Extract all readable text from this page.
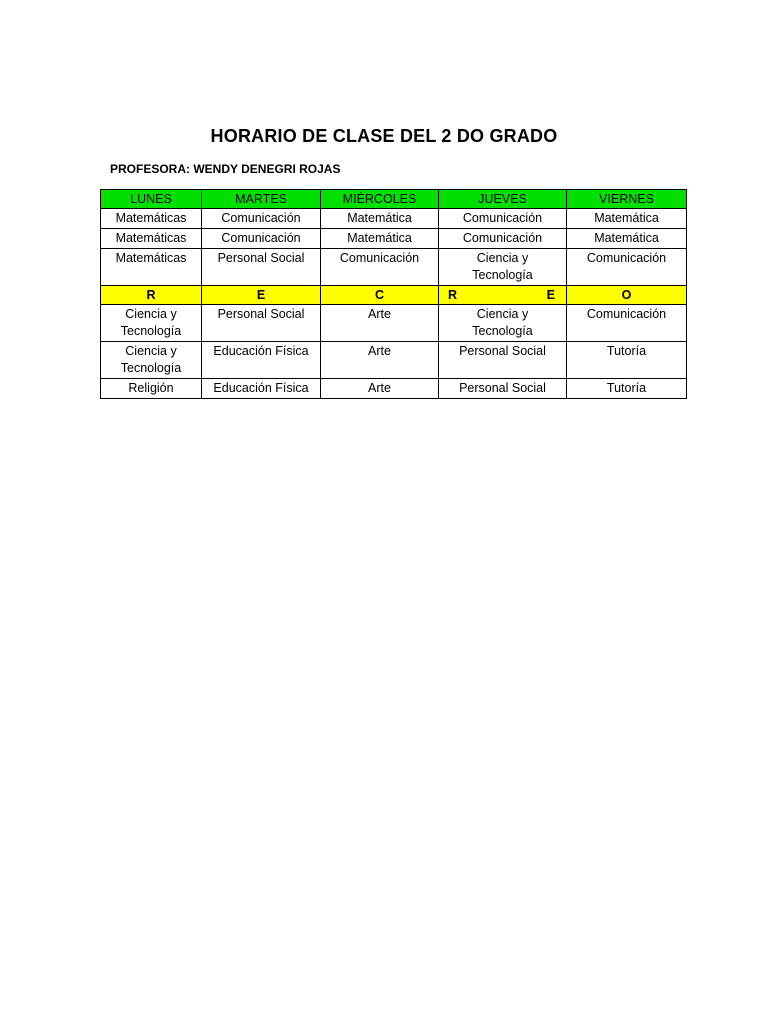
HORARIO DE CLASE DEL 2 DO GRADO
PROFESORA: WENDY DENEGRI ROJAS
LUNES	MARTES	MIÉRCOLES	JUEVES	VIERNES
Matemáticas	Comunicación	Matemática	Comunicación	Matemática
Matemáticas	Comunicación	Matemática	Comunicación	Matemática
Matemáticas	Personal Social	Comunicación	Ciencia y Tecnología	Comunicación
R	E	C	R E	O
Ciencia y Tecnología	Personal Social	Arte	Ciencia y Tecnología	Comunicación
Ciencia y Tecnología	Educación Física	Arte	Personal Social	Tutoría
Religión	Educación Física	Arte	Personal Social	Tutoría
